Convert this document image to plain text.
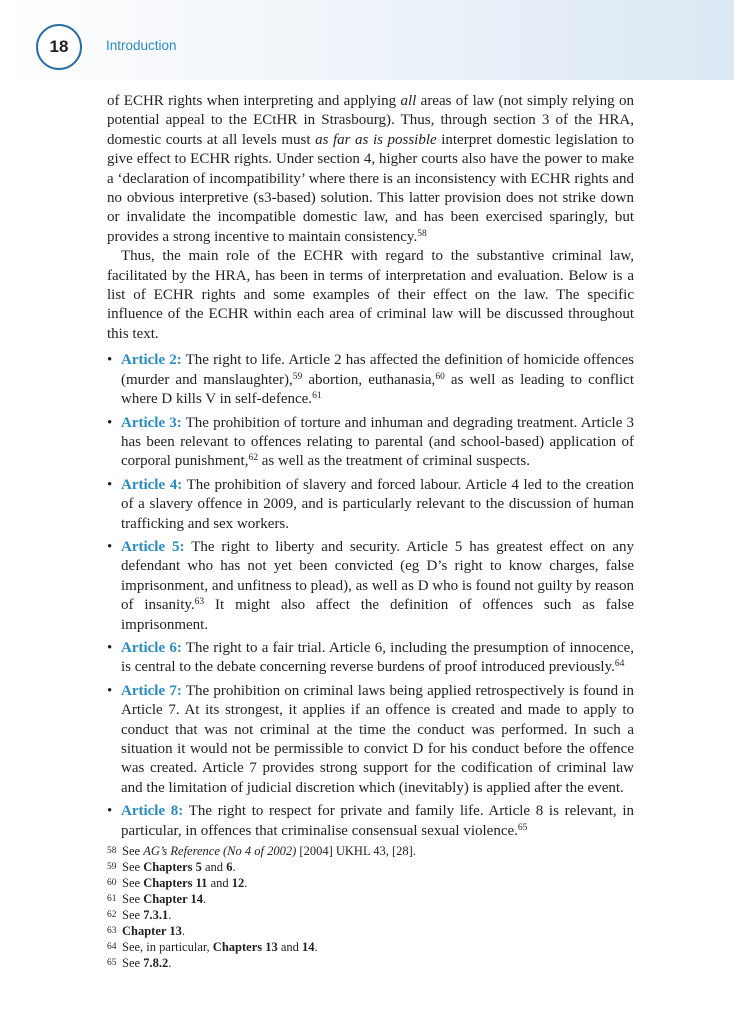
18	Introduction

of ECHR rights when interpreting and applying all areas of law (not simply relying on potential appeal to the ECtHR in Strasbourg). Thus, through section 3 of the HRA, domestic courts at all levels must as far as is possible interpret domestic legislation to give effect to ECHR rights. Under section 4, higher courts also have the power to make a ‘declaration of incompatibility’ where there is an inconsistency with ECHR rights and no obvious interpretive (s3-based) solution. This latter provision does not strike down or invalidate the incompatible domestic law, and has been exercised sparingly, but provides a strong incentive to maintain consistency.$^{58}$

Thus, the main role of the ECHR with regard to the substantive criminal law, facilitated by the HRA, has been in terms of interpretation and evaluation. Below is a list of ECHR rights and some examples of their effect on the law. The specific influence of the ECHR within each area of criminal law will be discussed throughout this text.

• Article 2: The right to life. Article 2 has affected the definition of homicide offences (murder and manslaughter),$^{59}$ abortion, euthanasia,$^{60}$ as well as leading to conflict where D kills V in self-defence.$^{61}$
• Article 3: The prohibition of torture and inhuman and degrading treatment. Article 3 has been relevant to offences relating to parental (and school-based) application of corporal punishment,$^{62}$ as well as the treatment of criminal suspects.
• Article 4: The prohibition of slavery and forced labour. Article 4 led to the creation of a slavery offence in 2009, and is particularly relevant to the discussion of human trafficking and sex workers.
• Article 5: The right to liberty and security. Article 5 has greatest effect on any defendant who has not yet been convicted (eg D’s right to know charges, false imprisonment, and unfitness to plead), as well as D who is found not guilty by reason of insanity.$^{63}$ It might also affect the definition of offences such as false imprisonment.
• Article 6: The right to a fair trial. Article 6, including the presumption of innocence, is central to the debate concerning reverse burdens of proof introduced previously.$^{64}$
• Article 7: The prohibition on criminal laws being applied retrospectively is found in Article 7. At its strongest, it applies if an offence is created and made to apply to conduct that was not criminal at the time the conduct was performed. In such a situation it would not be permissible to convict D for his conduct before the offence was created. Article 7 provides strong support for the codification of criminal law and the limitation of judicial discretion which (inevitably) is applied after the event.
• Article 8: The right to respect for private and family life. Article 8 is relevant, in particular, in offences that criminalise consensual sexual violence.$^{65}$
58 See AG’s Reference (No 4 of 2002) [2004] UKHL 43, [28].
59 See Chapters 5 and 6.
60 See Chapters 11 and 12.
61 See Chapter 14.
62 See 7.3.1.
63 Chapter 13.
64 See, in particular, Chapters 13 and 14.
65 See 7.8.2.
